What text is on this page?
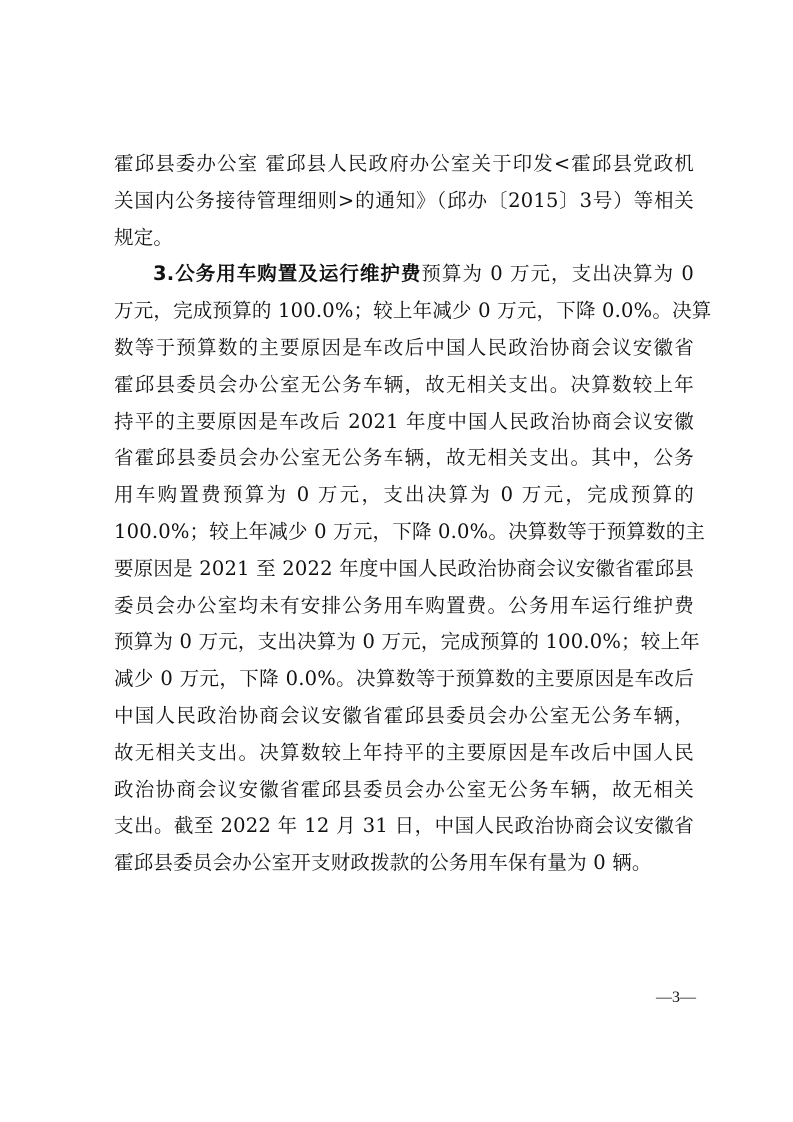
霍邱县委办公室 霍邱县人民政府办公室关于印发<霍邱县党政机
关国内公务接待管理细则>的通知》（邱办〔2015〕3号）等相关
规定。
3.公务用车购置及运行维护费预算为 0 万元，支出决算为 0
万元，完成预算的 100.0%；较上年减少 0 万元，下降 0.0%。决算
数等于预算数的主要原因是车改后中国人民政治协商会议安徽省
霍邱县委员会办公室无公务车辆，故无相关支出。决算数较上年
持平的主要原因是车改后 2021 年度中国人民政治协商会议安徽
省霍邱县委员会办公室无公务车辆，故无相关支出。其中，公务
用车购置费预算为 0 万元，支出决算为 0 万元，完成预算的
100.0%；较上年减少 0 万元，下降 0.0%。决算数等于预算数的主
要原因是 2021 至 2022 年度中国人民政治协商会议安徽省霍邱县
委员会办公室均未有安排公务用车购置费。公务用车运行维护费
预算为 0 万元，支出决算为 0 万元，完成预算的 100.0%；较上年
减少 0 万元，下降 0.0%。决算数等于预算数的主要原因是车改后
中国人民政治协商会议安徽省霍邱县委员会办公室无公务车辆，
故无相关支出。决算数较上年持平的主要原因是车改后中国人民
政治协商会议安徽省霍邱县委员会办公室无公务车辆，故无相关
支出。截至 2022 年 12 月 31 日，中国人民政治协商会议安徽省
霍邱县委员会办公室开支财政拨款的公务用车保有量为 0 辆。
—3—
